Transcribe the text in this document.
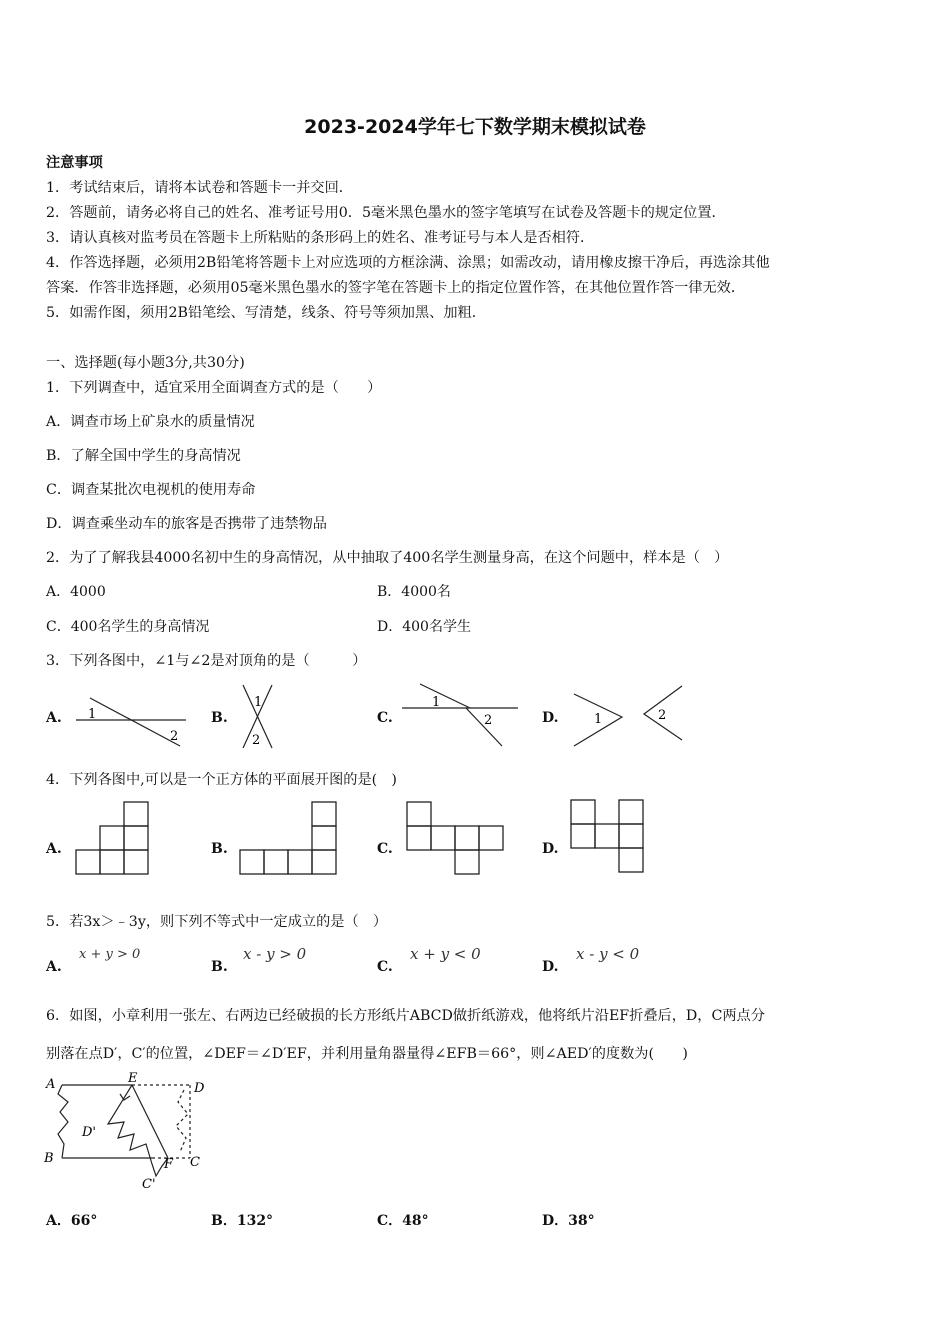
2023-2024学年七下数学期末模拟试卷
注意事项
1．考试结束后，请将本试卷和答题卡一并交回．
2．答题前，请务必将自己的姓名、准考证号用0．5毫米黑色墨水的签字笔填写在试卷及答题卡的规定位置．
3．请认真核对监考员在答题卡上所粘贴的条形码上的姓名、准考证号与本人是否相符．
4．作答选择题，必须用2B铅笔将答题卡上对应选项的方框涂满、涂黑；如需改动，请用橡皮擦干净后，再选涂其他
答案．作答非选择题，必须用05毫米黑色墨水的签字笔在答题卡上的指定位置作答，在其他位置作答一律无效．
5．如需作图，须用2B铅笔绘、写清楚，线条、符号等须加黑、加粗．
一、选择题(每小题3分,共30分)
1．下列调查中，适宜采用全面调查方式的是（　　）
A．调查市场上矿泉水的质量情况
B．了解全国中学生的身高情况
C．调查某批次电视机的使用寿命
D．调查乘坐动车的旅客是否携带了违禁物品
2．为了了解我县4000名初中生的身高情况，从中抽取了400名学生测量身高，在这个问题中，样本是（　）
A．4000	B．4000名
C．400名学生的身高情况	D．400名学生
3．下列各图中，∠1与∠2是对顶角的是（　　　）
A.	B.	C.	D.
1
2
1
2
1
2	1	2
4．下列各图中,可以是一个正方体的平面展开图的是(　)
A.	B.	C.	D.
5．若3x＞﹣3y，则下列不等式中一定成立的是（　）
A.
x + y > 0
B.
x - y > 0
C.
x + y < 0
D.
x - y < 0
6．如图，小章利用一张左、右两边已经破损的长方形纸片ABCD做折纸游戏，他将纸片沿EF折叠后，D，C两点分
别落在点D′，C′的位置，∠DEF＝∠D′EF，并利用量角器量得∠EFB＝66°，则∠AED′的度数为(　　)
A	E
D
D'
B	F C
C'
A．66°	B．132°	C．48°	D．38°
